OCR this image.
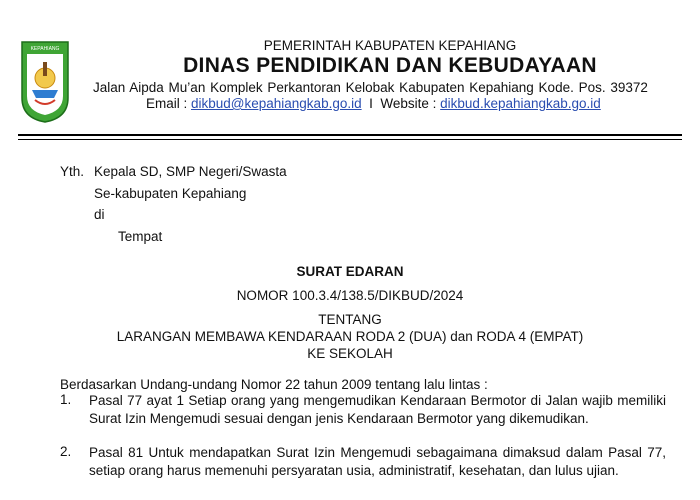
KEPAHIANG	PEMERINTAH KABUPATEN KEPAHIANG
DINAS PENDIDIKAN DAN KEBUDAYAAN
Jalan Aipda Mu’an Komplek Perkantoran Kelobak Kabupaten Kepahiang Kode. Pos. 39372
Email : dikbud@kepahiangkab.go.id  I  Website : dikbud.kepahiangkab.go.id
Yth. Kepala SD, SMP Negeri/Swasta
Se-kabupaten Kepahiang
di
Tempat
SURAT EDARAN
NOMOR 100.3.4/138.5/DIKBUD/2024
TENTANG
LARANGAN MEMBAWA KENDARAAN RODA 2 (DUA) dan RODA 4 (EMPAT)
KE SEKOLAH
Berdasarkan Undang-undang Nomor 22 tahun 2009 tentang lalu lintas :
1. Pasal 77 ayat 1 Setiap orang yang mengemudikan Kendaraan Bermotor di Jalan wajib memiliki Surat Izin Mengemudi sesuai dengan jenis Kendaraan Bermotor yang dikemudikan.
2. Pasal 81 Untuk mendapatkan Surat Izin Mengemudi sebagaimana dimaksud dalam Pasal 77, setiap orang harus memenuhi persyaratan usia, administratif, kesehatan, dan lulus ujian.
